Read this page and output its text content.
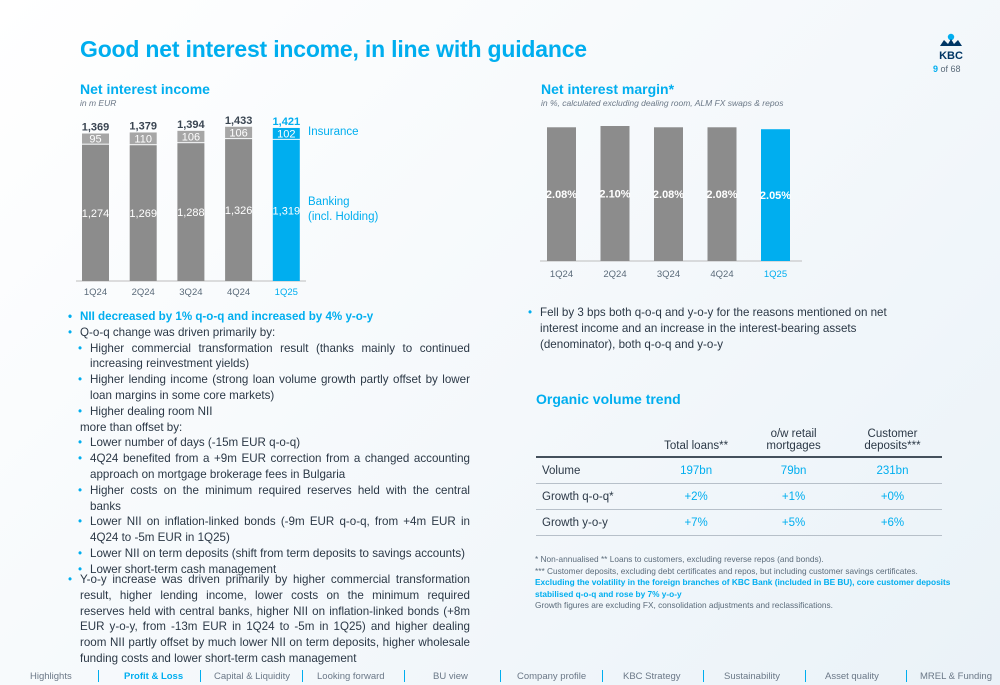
Good net interest income, in line with guidance	KBC
9 of 68
Net interest income
in m EUR
1,274
95
1,369
1Q24
1,269
110
1,379
2Q24
1,288
106
1,394
3Q24
1,326
106
1,433
4Q24
1,319
102
1,421
1Q25
Insurance
Banking
(incl. Holding)
Net interest margin*
in %, calculated excluding dealing room, ALM FX swaps & repos
2.08%
1Q24
2.10%
2Q24
2.08%
3Q24
2.08%
4Q24
2.05%
1Q25
• NII decreased by 1% q-o-q and increased by 4% y-o-y
• Q-o-q change was driven primarily by:
• Higher commercial transformation result (thanks mainly to continued increasing reinvestment yields)
• Higher lending income (strong loan volume growth partly offset by lower loan margins in some core markets)
• Higher dealing room NII
more than offset by:
• Lower number of days (-15m EUR q-o-q)
• 4Q24 benefited from a +9m EUR correction from a changed accounting approach on mortgage brokerage fees in Bulgaria
• Higher costs on the minimum required reserves held with the central banks
• Lower NII on inflation-linked bonds (-9m EUR q-o-q, from +4m EUR in 4Q24 to -5m EUR in 1Q25)
• Lower NII on term deposits (shift from term deposits to savings accounts)
• Lower short-term cash management
• Y-o-y increase was driven primarily by higher commercial transformation result, higher lending income, lower costs on the minimum required reserves held with central banks, higher NII on inflation-linked bonds (+8m EUR y-o-y, from -13m EUR in 1Q24 to -5m in 1Q25) and higher dealing room NII partly offset by much lower NII on term deposits, higher wholesale funding costs and lower short-term cash management
• Fell by 3 bps both q-o-q and y-o-y for the reasons mentioned on net interest income and an increase in the interest-bearing assets (denominator), both q-o-q and y-o-y
Organic volume trend
	Total loans**	o/w retail mortgages	Customer deposits***
Volume	197bn	79bn	231bn
Growth q-o-q*	+2%	+1%	+0%
Growth y-o-y	+7%	+5%	+6%
* Non-annualised ** Loans to customers, excluding reverse repos (and bonds).
*** Customer deposits, excluding debt certificates and repos, but including customer savings certificates.
Excluding the volatility in the foreign branches of KBC Bank (included in BE BU), core customer deposits stabilised q-o-q and rose by 7% y-o-y
Growth figures are excluding FX, consolidation adjustments and reclassifications.
Highlights	Profit & Loss	Capital & Liquidity	Looking forward	BU view	Company profile	KBC Strategy	Sustainability	Asset quality	MREL & Funding
